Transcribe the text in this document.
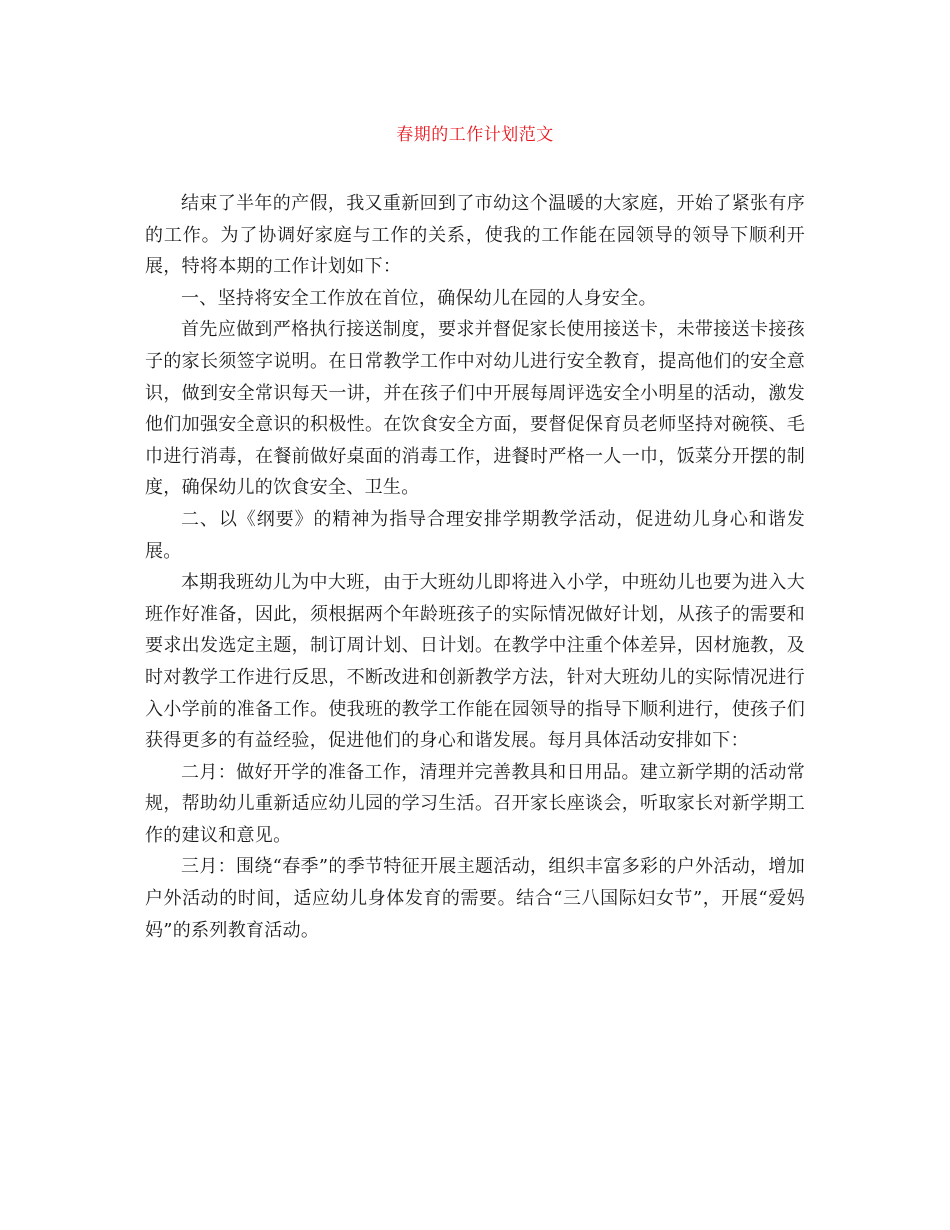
春期的工作计划范文

结束了半年的产假，我又重新回到了市幼这个温暖的大家庭，开始了紧张有序的工作。为了协调好家庭与工作的关系，使我的工作能在园领导的领导下顺利开展，特将本期的工作计划如下：

一、坚持将安全工作放在首位，确保幼儿在园的人身安全。

首先应做到严格执行接送制度，要求并督促家长使用接送卡，未带接送卡接孩子的家长须签字说明。在日常教学工作中对幼儿进行安全教育，提高他们的安全意识，做到安全常识每天一讲，并在孩子们中开展每周评选安全小明星的活动，激发他们加强安全意识的积极性。在饮食安全方面，要督促保育员老师坚持对碗筷、毛巾进行消毒，在餐前做好桌面的消毒工作，进餐时严格一人一巾，饭菜分开摆的制度，确保幼儿的饮食安全、卫生。

二、以《纲要》的精神为指导合理安排学期教学活动，促进幼儿身心和谐发展。

本期我班幼儿为中大班，由于大班幼儿即将进入小学，中班幼儿也要为进入大班作好准备，因此，须根据两个年龄班孩子的实际情况做好计划，从孩子的需要和要求出发选定主题，制订周计划、日计划。在教学中注重个体差异，因材施教，及时对教学工作进行反思，不断改进和创新教学方法，针对大班幼儿的实际情况进行入小学前的准备工作。使我班的教学工作能在园领导的指导下顺利进行，使孩子们获得更多的有益经验，促进他们的身心和谐发展。每月具体活动安排如下：

二月：做好开学的准备工作，清理并完善教具和日用品。建立新学期的活动常规，帮助幼儿重新适应幼儿园的学习生活。召开家长座谈会，听取家长对新学期工作的建议和意见。

三月：围绕“春季”的季节特征开展主题活动，组织丰富多彩的户外活动，增加户外活动的时间，适应幼儿身体发育的需要。结合“三八国际妇女节”，开展“爱妈妈”的系列教育活动。
